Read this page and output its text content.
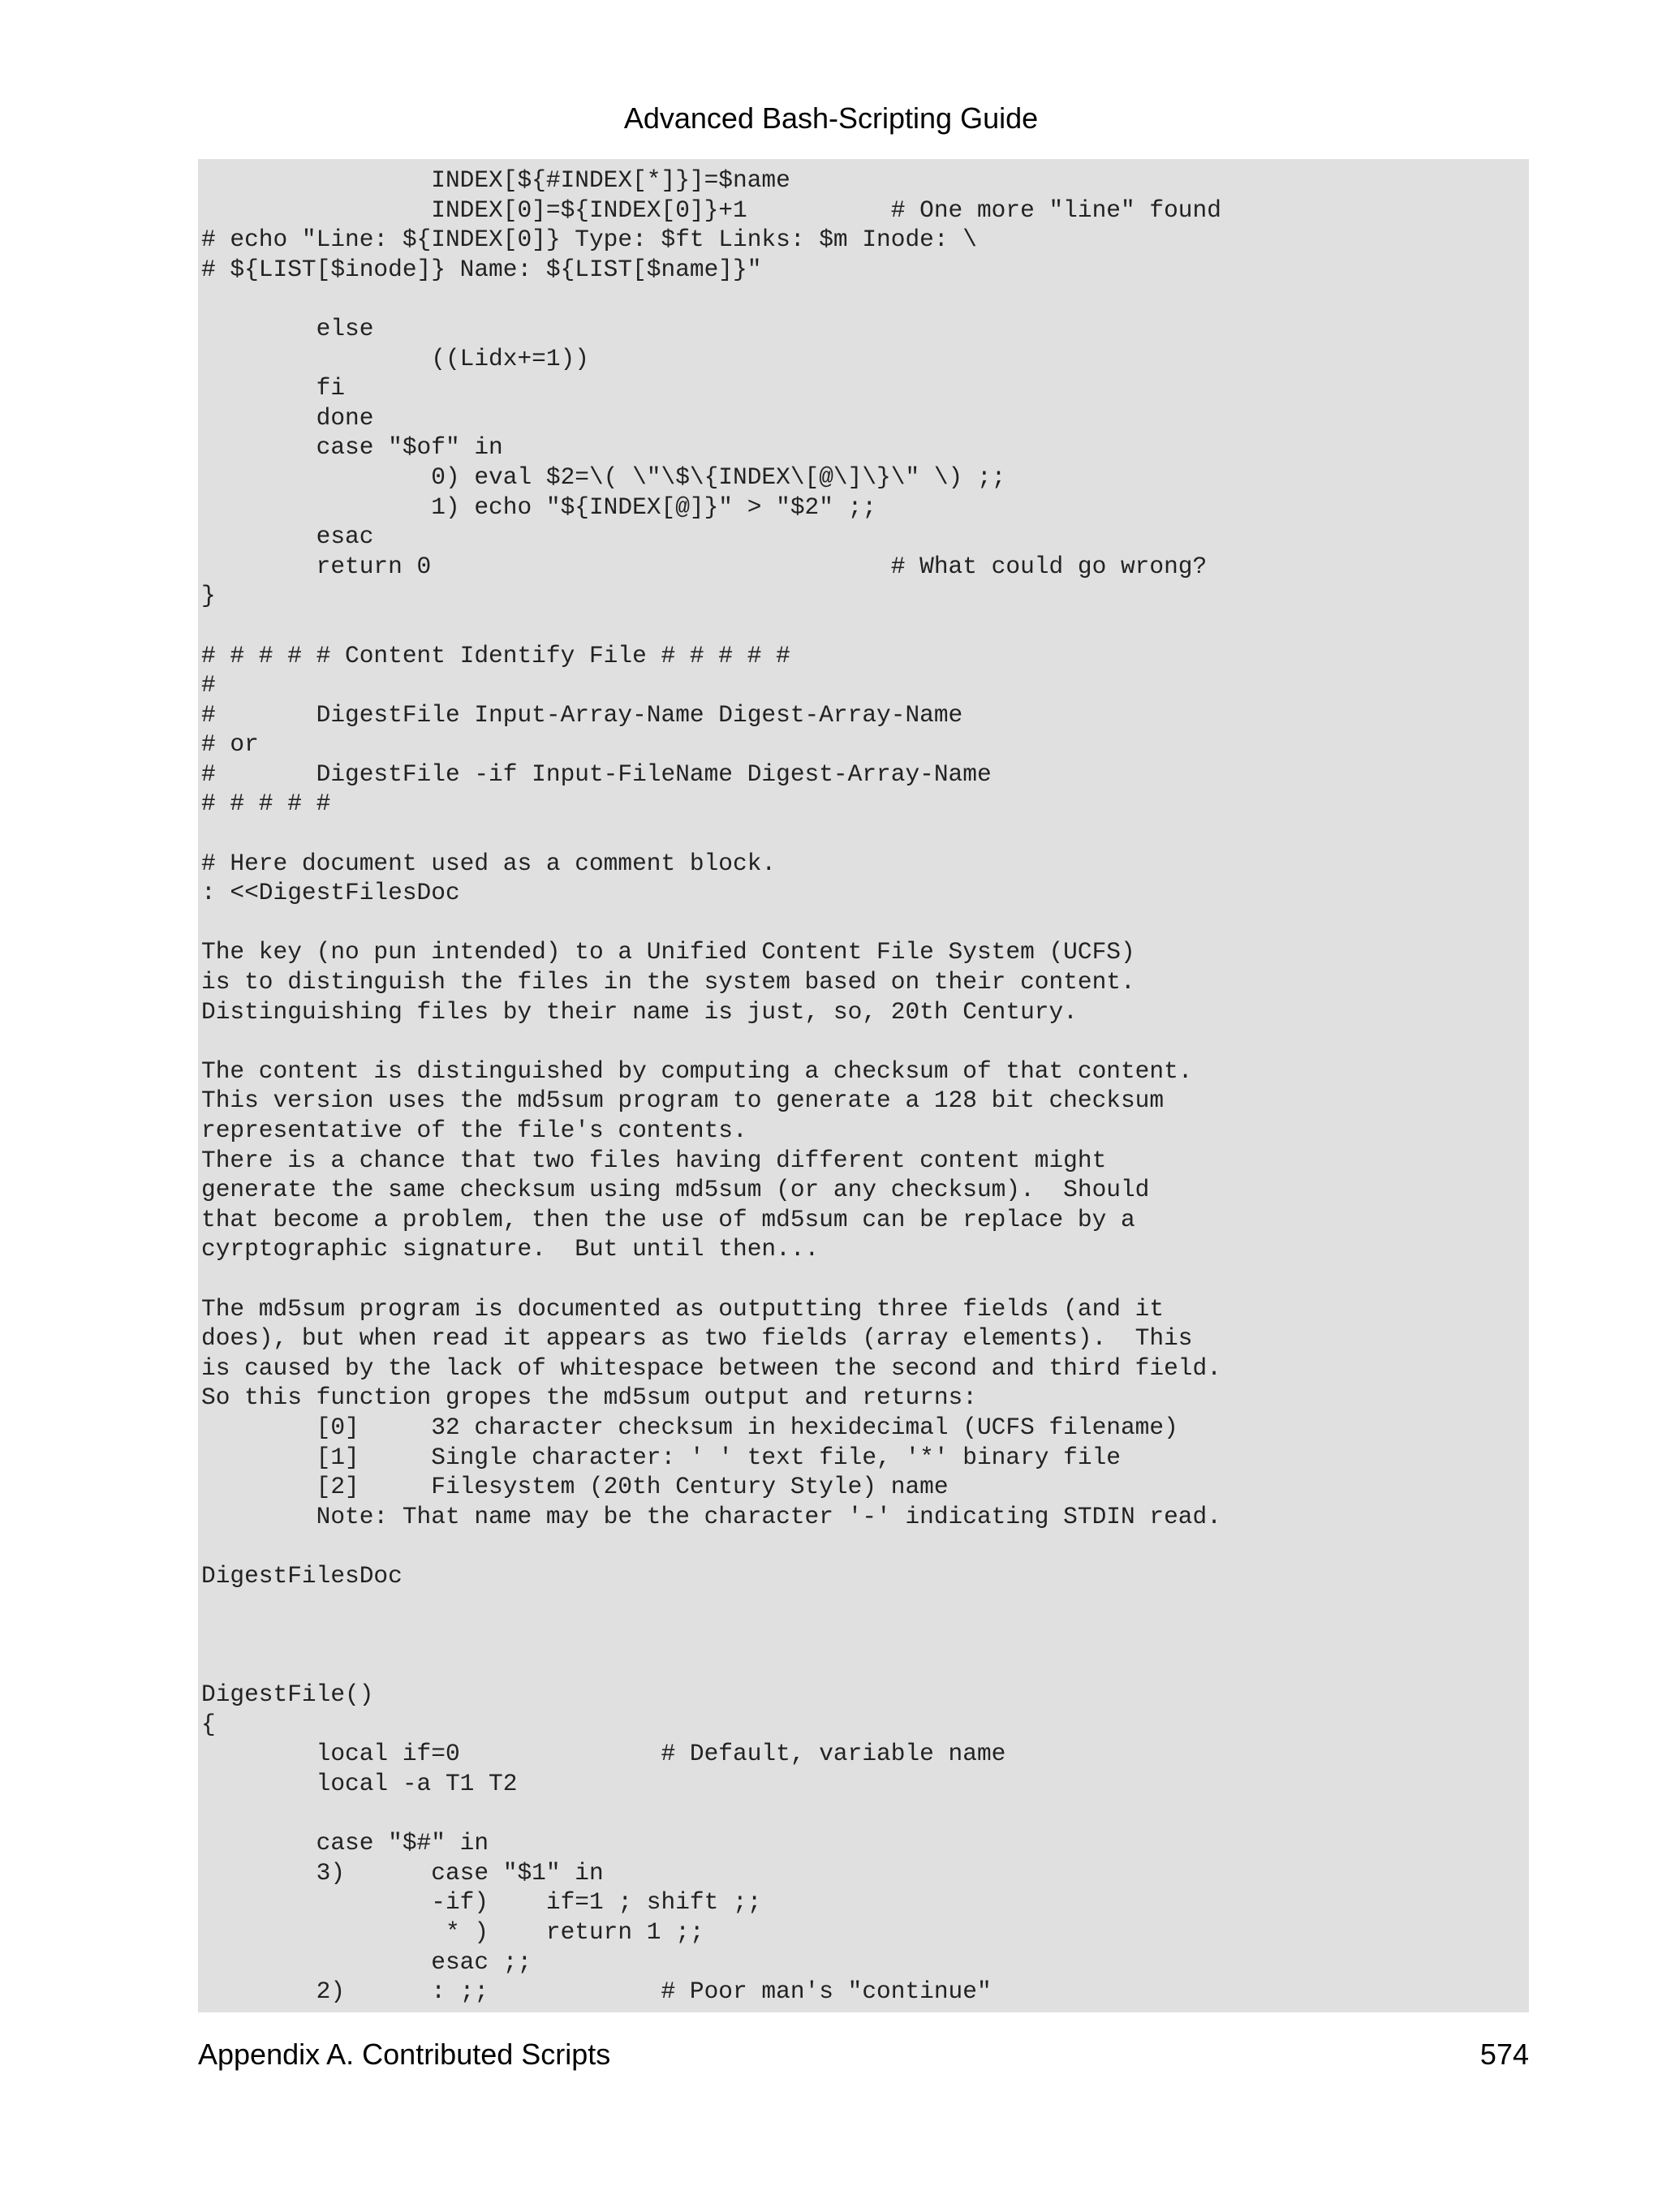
Advanced Bash-Scripting Guide
INDEX[${#INDEX[*]}]=$name
INDEX[0]=${INDEX[0]}+1          # One more "line" found
# echo "Line: ${INDEX[0]} Type: $ft Links: $m Inode: \
# ${LIST[$inode]} Name: ${LIST[$name]}"

else
((Lidx+=1))
fi
done
case "$of" in
0) eval $2=\( \"\$\{INDEX\[@\]\}\" \) ;;
1) echo "${INDEX[@]}" > "$2" ;;
esac
return 0                                # What could go wrong?
}

# # # # # Content Identify File # # # # #
#
#       DigestFile Input-Array-Name Digest-Array-Name
# or
#       DigestFile -if Input-FileName Digest-Array-Name
# # # # #

# Here document used as a comment block.
: <<DigestFilesDoc

The key (no pun intended) to a Unified Content File System (UCFS)
is to distinguish the files in the system based on their content.
Distinguishing files by their name is just, so, 20th Century.

The content is distinguished by computing a checksum of that content.
This version uses the md5sum program to generate a 128 bit checksum
representative of the file's contents.
There is a chance that two files having different content might
generate the same checksum using md5sum (or any checksum).  Should
that become a problem, then the use of md5sum can be replace by a
cyrptographic signature.  But until then...

The md5sum program is documented as outputting three fields (and it
does), but when read it appears as two fields (array elements).  This
is caused by the lack of whitespace between the second and third field.
So this function gropes the md5sum output and returns:
[0]     32 character checksum in hexidecimal (UCFS filename)
[1]     Single character: ' ' text file, '*' binary file
[2]     Filesystem (20th Century Style) name
Note: That name may be the character '-' indicating STDIN read.

DigestFilesDoc

DigestFile()
{
local if=0              # Default, variable name
local -a T1 T2

case "$#" in
3)      case "$1" in
-if)    if=1 ; shift ;;
* )    return 1 ;;
esac ;;
2)      : ;;            # Poor man's "continue"
Appendix A. Contributed Scripts	574
